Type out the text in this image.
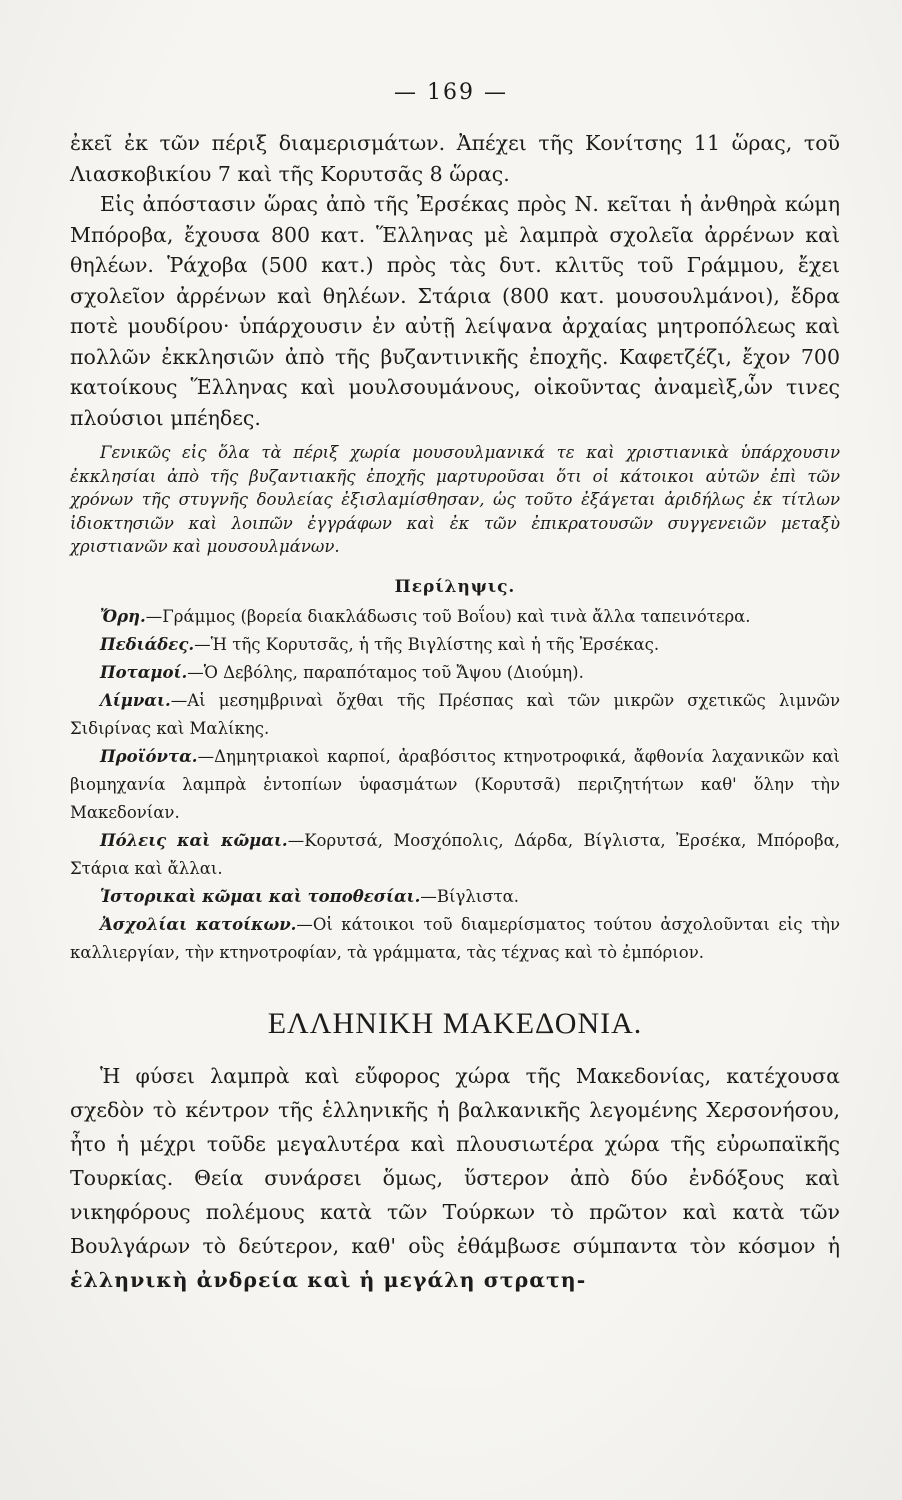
— 169 —

ἐκεῖ ἐκ τῶν πέριξ διαμερισμάτων. Ἀπέχει τῆς Κονίτσης 11 ὥρας, τοῦ Λιασκοβικίου 7 καὶ τῆς Κορυτσᾶς 8 ὥρας.

Εἰς ἀπόστασιν ὥρας ἀπὸ τῆς Ἐρσέκας πρὸς Ν. κεῖται ἡ ἀνθηρὰ κώμη Μπόροβα, ἔχουσα 800 κατ. Ἕλληνας μὲ λαμπρὰ σχολεῖα ἀρρένων καὶ θηλέων. Ῥάχοβα (500 κατ.) πρὸς τὰς δυτ. κλιτῦς τοῦ Γράμμου, ἔχει σχολεῖον ἀρρένων καὶ θηλέων. Στάρια (800 κατ. μουσουλμάνοι), ἔδρα ποτὲ μουδίρου· ὑπάρχουσιν ἐν αὐτῇ λείψανα ἀρχαίας μητροπόλεως καὶ πολλῶν ἐκκλησιῶν ἀπὸ τῆς βυζαντινικῆς ἐποχῆς. Καφετζέζι, ἔχον 700 κατοίκους Ἕλληνας καὶ μουλσουμάνους, οἰκοῦντας ἀναμεὶξ,ὧν τινες πλούσιοι μπέηδες.

Γενικῶς εἰς ὅλα τὰ πέριξ χωρία μουσουλμανικά τε καὶ χριστιανικὰ ὑπάρχουσιν ἐκκλησίαι ἀπὸ τῆς βυζαντιακῆς ἐποχῆς μαρτυροῦσαι ὅτι οἱ κάτοικοι αὐτῶν ἐπὶ τῶν χρόνων τῆς στυγνῆς δουλείας ἐξισλαμίσθησαν, ὡς τοῦτο ἐξάγεται ἀριδήλως ἐκ τίτλων ἰδιοκτησιῶν καὶ λοιπῶν ἐγγράφων καὶ ἐκ τῶν ἐπικρατουσῶν συγγενειῶν μεταξὺ χριστιανῶν καὶ μουσουλμάνων.

Περίληψις.

Ὄρη.—Γράμμος (βορεία διακλάδωσις τοῦ Βοΐου) καὶ τινὰ ἄλλα ταπεινότερα.

Πεδιάδες.—Ἡ τῆς Κορυτσᾶς, ἡ τῆς Βιγλίστης καὶ ἡ τῆς Ἐρσέκας.

Ποταμοί.—Ὁ Δεβόλης, παραπόταμος τοῦ Ἄψου (Διούμη).

Λίμναι.—Αἱ μεσημβριναὶ ὄχθαι τῆς Πρέσπας καὶ τῶν μικρῶν σχετικῶς λιμνῶν Σιδιρίνας καὶ Μαλίκης.

Προϊόντα.—Δημητριακοὶ καρποί, ἀραβόσιτος κτηνοτροφικά, ἄφθονία λαχανικῶν καὶ βιομηχανία λαμπρὰ ἐντοπίων ὑφασμάτων (Κορυτσᾶ) περιζητήτων καθ' ὅλην τὴν Μακεδονίαν.

Πόλεις καὶ κῶμαι.—Κορυτσά, Μοσχόπολις, Δάρδα, Βίγλιστα, Ἐρσέκα, Μπόροβα, Στάρια καὶ ἄλλαι.

Ἱστορικαὶ κῶμαι καὶ τοποθεσίαι.—Βίγλιστα.

Ἀσχολίαι κατοίκων.—Οἱ κάτοικοι τοῦ διαμερίσματος τούτου ἀσχολοῦνται εἰς τὴν καλλιεργίαν, τὴν κτηνοτροφίαν, τὰ γράμματα, τὰς τέχνας καὶ τὸ ἐμπόριον.

ΕΛΛΗΝΙΚΗ ΜΑΚΕΔΟΝΙΑ.

Ἡ φύσει λαμπρὰ καὶ εὔφορος χώρα τῆς Μακεδονίας, κατέχουσα σχεδὸν τὸ κέντρον τῆς ἑλληνικῆς ἡ βαλκανικῆς λεγομένης Χερσονήσου, ἦτο ἡ μέχρι τοῦδε μεγαλυτέρα καὶ πλουσιωτέρα χώρα τῆς εὐρωπαϊκῆς Τουρκίας. Θεία συνάρσει ὅμως, ὕστερον ἀπὸ δύο ἐνδόξους καὶ νικηφόρους πολέμους κατὰ τῶν Τούρκων τὸ πρῶτον καὶ κατὰ τῶν Βουλγάρων τὸ δεύτερον, καθ' οὓς ἐθάμβωσε σύμπαντα τὸν κόσμον ἡ ἑλληνικὴ ἀνδρεία καὶ ἡ μεγάλη στρατη-
